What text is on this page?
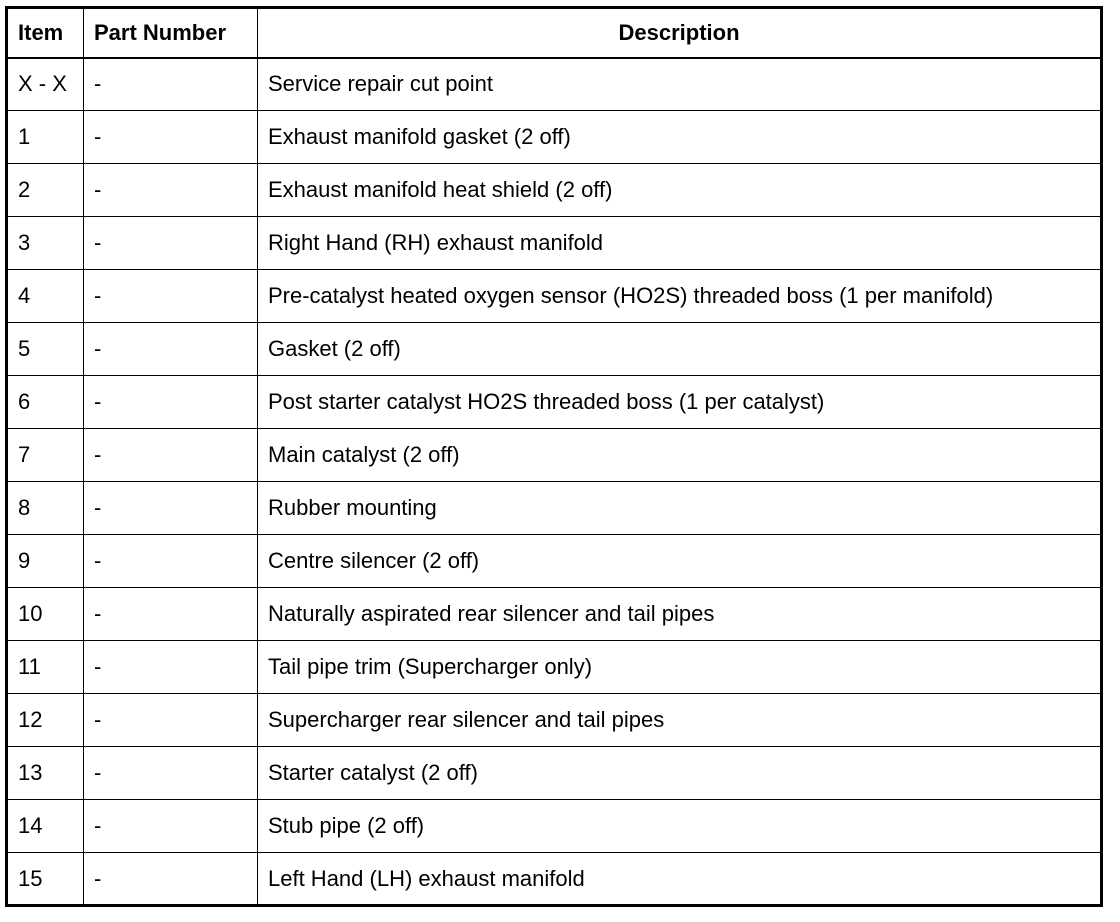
Item	Part Number	Description
X - X	-	Service repair cut point
1	-	Exhaust manifold gasket (2 off)
2	-	Exhaust manifold heat shield (2 off)
3	-	Right Hand (RH) exhaust manifold
4	-	Pre-catalyst heated oxygen sensor (HO2S) threaded boss (1 per manifold)
5	-	Gasket (2 off)
6	-	Post starter catalyst HO2S threaded boss (1 per catalyst)
7	-	Main catalyst (2 off)
8	-	Rubber mounting
9	-	Centre silencer (2 off)
10	-	Naturally aspirated rear silencer and tail pipes
11	-	Tail pipe trim (Supercharger only)
12	-	Supercharger rear silencer and tail pipes
13	-	Starter catalyst (2 off)
14	-	Stub pipe (2 off)
15	-	Left Hand (LH) exhaust manifold
